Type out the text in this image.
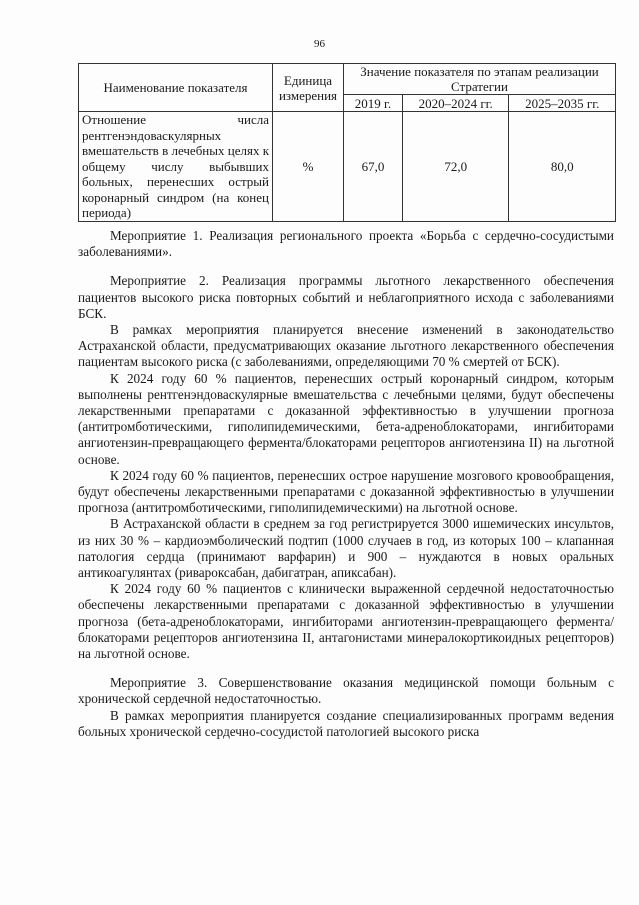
96
Наименование показателя	Единица измерения	Значение показателя по этапам реализации Стратегии		
		2019 г.	2020–2024 гг.	2025–2035 гг.
Отношение числа рентгенэндоваскулярных вмешательств в лечебных целях к общему числу выбывших больных, перенесших острый коронарный синдром (на конец периода)	%	67,0	72,0	80,0

Мероприятие 1. Реализация регионального проекта «Борьба с сердечно-сосудистыми заболеваниями».

Мероприятие 2. Реализация программы льготного лекарственного обеспечения пациентов высокого риска повторных событий и неблагоприятного исхода с заболеваниями БСК.

В рамках мероприятия планируется внесение изменений в законодательство Астраханской области, предусматривающих оказание льготного лекарственного обеспечения пациентам высокого риска (с заболеваниями, определяющими 70 % смертей от БСК).

К 2024 году 60 % пациентов, перенесших острый коронарный синдром, которым выполнены рентгенэндоваскулярные вмешательства с лечебными целями, будут обеспечены лекарственными препаратами с доказанной эффективностью в улучшении прогноза (антитромботическими, гиполипидемическими, бета-адреноблокаторами, ингибиторами ангиотензин-превращающего фермента/блокаторами рецепторов ангиотензина II) на льготной основе.

К 2024 году 60 % пациентов, перенесших острое нарушение мозгового кровообращения, будут обеспечены лекарственными препаратами с доказанной эффективностью в улучшении прогноза (антитромботическими, гиполипидемическими) на льготной основе.

В Астраханской области в среднем за год регистрируется 3000 ишемических инсультов, из них 30 % – кардиоэмболический подтип (1000 случаев в год, из которых 100 – клапанная патология сердца (принимают варфарин) и 900 – нуждаются в новых оральных антикоагулянтах (ривароксабан, дабигатран, апиксабан).

К 2024 году 60 % пациентов с клинически выраженной сердечной недостаточностью обеспечены лекарственными препаратами с доказанной эффективностью в улучшении прогноза (бета-адреноблокаторами, ингибиторами ангиотензин-превращающего фермента/блокаторами рецепторов ангиотензина II, антагонистами минералокортикоидных рецепторов) на льготной основе.

Мероприятие 3. Совершенствование оказания медицинской помощи больным с хронической сердечной недостаточностью.

В рамках мероприятия планируется создание специализированных программ ведения больных хронической сердечно-сосудистой патологией высокого риска
